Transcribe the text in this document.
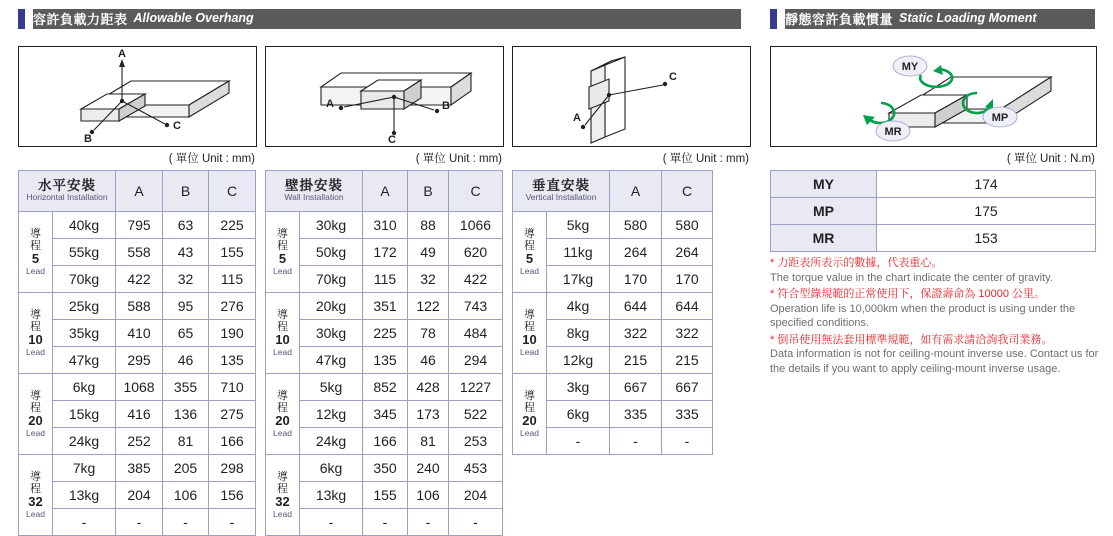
容許負載力距表 Allowable Overhang	靜態容許負載慣量 Static Loading Moment
A
C
B
( 單位 Unit : mm)
A	B
C
( 單位 Unit : mm)
A
C
( 單位 Unit : mm)
MY
MP
MR
( 單位 Unit : N.m)
水平安裝
Horizontal Installation		A	B	C

導
程
5
Lead	40kg	795	63	225
	55kg	558	43	155
	70kg	422	32	115

導
程
10
Lead	25kg	588	95	276
	35kg	410	65	190
	47kg	295	46	135

導
程
20
Lead	6kg	1068	355	710
	15kg	416	136	275
	24kg	252	81	166

導
程
32
Lead	7kg	385	205	298
	13kg	204	106	156
	-	-	-	-
壁掛安裝
Wall Installation		A	B	C

導
程
5
Lead	30kg	310	88	1066
	50kg	172	49	620
	70kg	115	32	422

導
程
10
Lead	20kg	351	122	743
	30kg	225	78	484
	47kg	135	46	294

導
程
20
Lead	5kg	852	428	1227
	12kg	345	173	522
	24kg	166	81	253

導
程
32
Lead	6kg	350	240	453
	13kg	155	106	204
	-	-	-	-
垂直安裝
Vertical Installation		A	C

導
程
5
Lead	5kg	580	580
	11kg	264	264
	17kg	170	170

導
程
10
Lead	4kg	644	644
	8kg	322	322
	12kg	215	215

導
程
20
Lead	3kg	667	667
	6kg	335	335
	-	-	-
MY	174
MP	175
MR	153
* 力距表所表示的數據，代表重心。
The torque value in the chart indicate the center of gravity.
* 符合型錄規範的正常使用下，保證壽命為 10000 公里。
Operation life is 10,000km when the product is using under the specified conditions.
* 倒吊使用無法套用標準規範，如有需求請洽詢我司業務。
Data information is not for ceiling-mount inverse use. Contact us for the details if you want to apply ceiling-mount inverse usage.
